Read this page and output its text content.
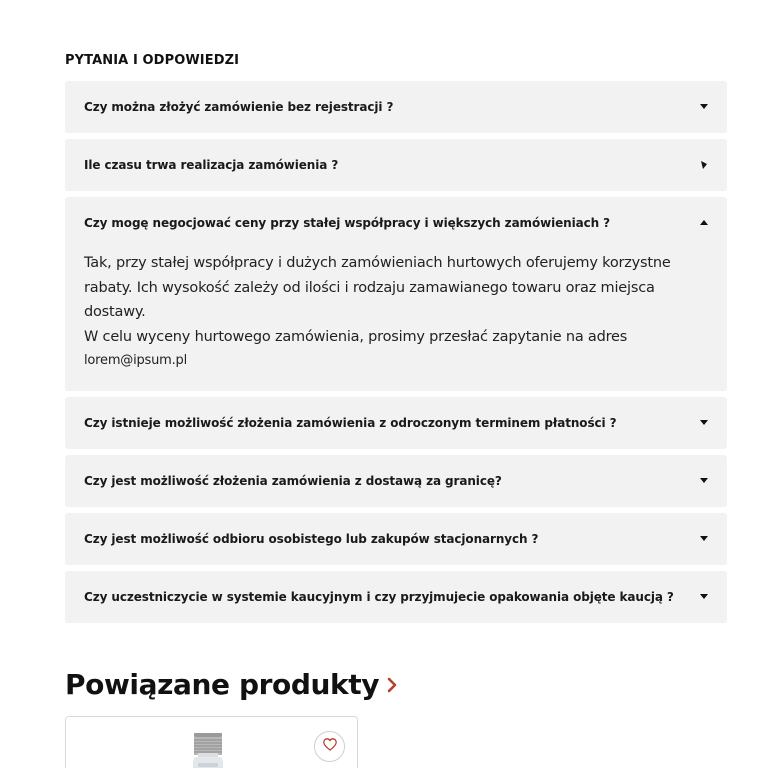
PYTANIA I ODPOWIEDZI
Czy można złożyć zamówienie bez rejestracji ?
Ile czasu trwa realizacja zamówienia ?
Czy mogę negocjować ceny przy stałej współpracy i większych zamówieniach ?

Tak, przy stałej współpracy i dużych zamówieniach hurtowych oferujemy korzystne rabaty. Ich wysokość zależy od ilości i rodzaju zamawianego towaru oraz miejsca dostawy.

W celu wyceny hurtowego zamówienia, prosimy przesłać zapytanie na adres

lorem@ipsum.pl

Czy istnieje możliwość złożenia zamówienia z odroczonym terminem płatności ?
Czy jest możliwość złożenia zamówienia z dostawą za granicę?
Czy jest możliwość odbioru osobistego lub zakupów stacjonarnych ?
Czy uczestniczycie w systemie kaucyjnym i czy przyjmujecie opakowania objęte kaucją ?
Powiązane produkty
